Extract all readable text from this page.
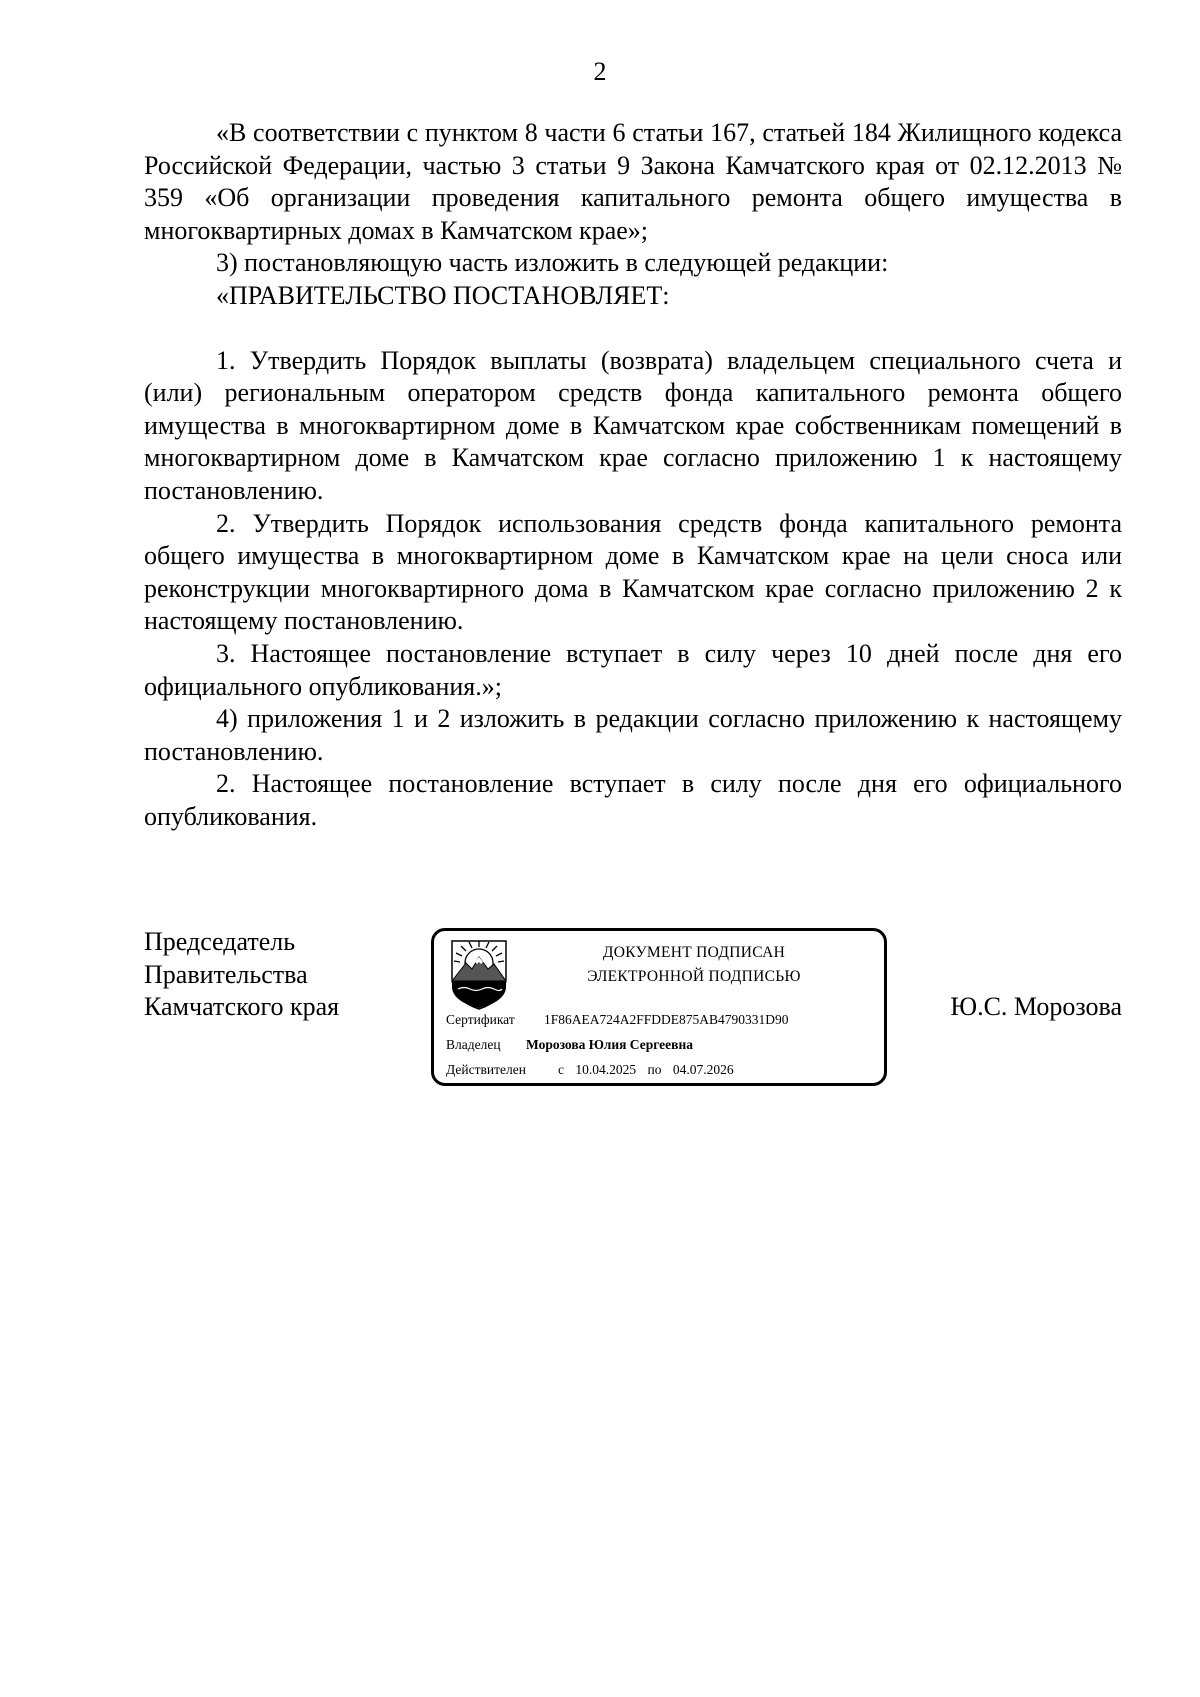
2

«В соответствии с пунктом 8 части 6 статьи 167, статьей 184 Жилищного кодекса Российской Федерации, частью 3 статьи 9 Закона Камчатского края от 02.12.2013 № 359 «Об организации проведения капитального ремонта общего имущества в многоквартирных домах в Камчатском крае»;

3) постановляющую часть изложить в следующей редакции:

«ПРАВИТЕЛЬСТВО ПОСТАНОВЛЯЕТ:

1. Утвердить Порядок выплаты (возврата) владельцем специального счета и (или) региональным оператором средств фонда капитального ремонта общего имущества в многоквартирном доме в Камчатском крае собственникам помещений в многоквартирном доме в Камчатском крае согласно приложению 1 к настоящему постановлению.

2. Утвердить Порядок использования средств фонда капитального ремонта общего имущества в многоквартирном доме в Камчатском крае на цели сноса или реконструкции многоквартирного дома в Камчатском крае согласно приложению 2 к настоящему постановлению.

3. Настоящее постановление вступает в силу через 10 дней после дня его официального опубликования.»;

4) приложения 1 и 2 изложить в редакции согласно приложению к настоящему постановлению.

2. Настоящее постановление вступает в силу после дня его официального опубликования.

Председатель
Правительства
Камчатского края
ДОКУМЕНТ ПОДПИСАН
ЭЛЕКТРОННОЙ ПОДПИСЬЮ
Сертификат 1F86AEA724A2FFDDE875AB4790331D90
Владелец Морозова Юлия Сергеевна
Действителен с 10.04.2025 по 04.07.2026
Ю.С. Морозова
